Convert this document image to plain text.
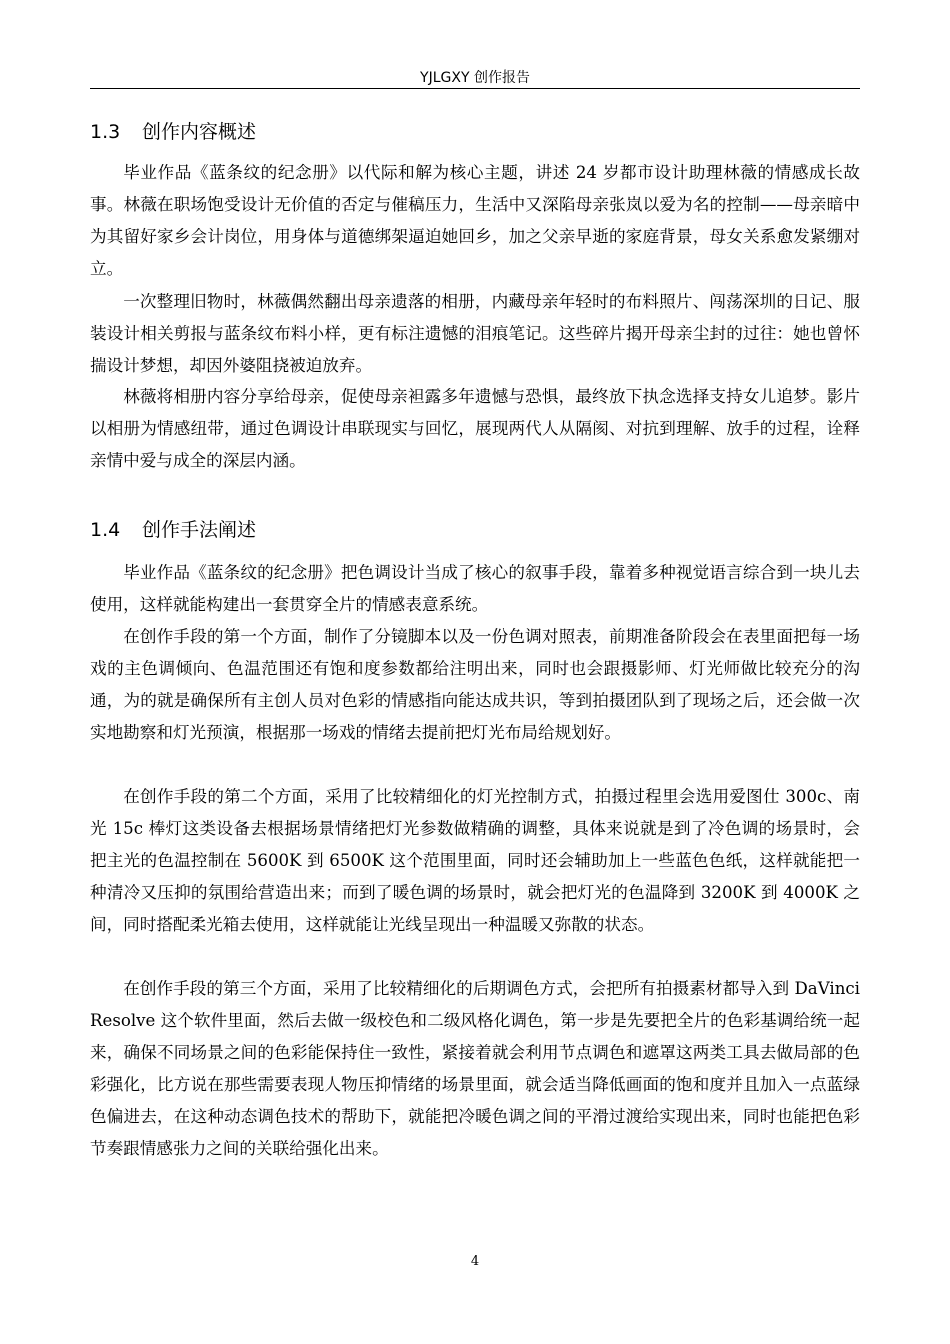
YJLGXY 创作报告
1.3 创作内容概述

毕业作品《蓝条纹的纪念册》以代际和解为核心主题，讲述 24 岁都市设计助理林薇的情感成长故事。林薇在职场饱受设计无价值的否定与催稿压力，生活中又深陷母亲张岚以爱为名的控制——母亲暗中为其留好家乡会计岗位，用身体与道德绑架逼迫她回乡，加之父亲早逝的家庭背景，母女关系愈发紧绷对立。

一次整理旧物时，林薇偶然翻出母亲遗落的相册，内藏母亲年轻时的布料照片、闯荡深圳的日记、服装设计相关剪报与蓝条纹布料小样，更有标注遗憾的泪痕笔记。这些碎片揭开母亲尘封的过往：她也曾怀揣设计梦想，却因外婆阻挠被迫放弃。

林薇将相册内容分享给母亲，促使母亲袒露多年遗憾与恐惧，最终放下执念选择支持女儿追梦。影片以相册为情感纽带，通过色调设计串联现实与回忆，展现两代人从隔阂、对抗到理解、放手的过程，诠释亲情中爱与成全的深层内涵。

1.4 创作手法阐述

毕业作品《蓝条纹的纪念册》把色调设计当成了核心的叙事手段，靠着多种视觉语言综合到一块儿去使用，这样就能构建出一套贯穿全片的情感表意系统。

在创作手段的第一个方面，制作了分镜脚本以及一份色调对照表，前期准备阶段会在表里面把每一场戏的主色调倾向、色温范围还有饱和度参数都给注明出来，同时也会跟摄影师、灯光师做比较充分的沟通，为的就是确保所有主创人员对色彩的情感指向能达成共识，等到拍摄团队到了现场之后，还会做一次实地勘察和灯光预演，根据那一场戏的情绪去提前把灯光布局给规划好。

在创作手段的第二个方面，采用了比较精细化的灯光控制方式，拍摄过程里会选用爱图仕 300c、南光 15c 棒灯这类设备去根据场景情绪把灯光参数做精确的调整，具体来说就是到了冷色调的场景时，会把主光的色温控制在 5600K 到 6500K 这个范围里面，同时还会辅助加上一些蓝色色纸，这样就能把一种清冷又压抑的氛围给营造出来；而到了暖色调的场景时，就会把灯光的色温降到 3200K 到 4000K 之间，同时搭配柔光箱去使用，这样就能让光线呈现出一种温暖又弥散的状态。

在创作手段的第三个方面，采用了比较精细化的后期调色方式，会把所有拍摄素材都导入到 DaVinci Resolve 这个软件里面，然后去做一级校色和二级风格化调色，第一步是先要把全片的色彩基调给统一起来，确保不同场景之间的色彩能保持住一致性，紧接着就会利用节点调色和遮罩这两类工具去做局部的色彩强化，比方说在那些需要表现人物压抑情绪的场景里面，就会适当降低画面的饱和度并且加入一点蓝绿色偏进去，在这种动态调色技术的帮助下，就能把冷暖色调之间的平滑过渡给实现出来，同时也能把色彩节奏跟情感张力之间的关联给强化出来。

4
